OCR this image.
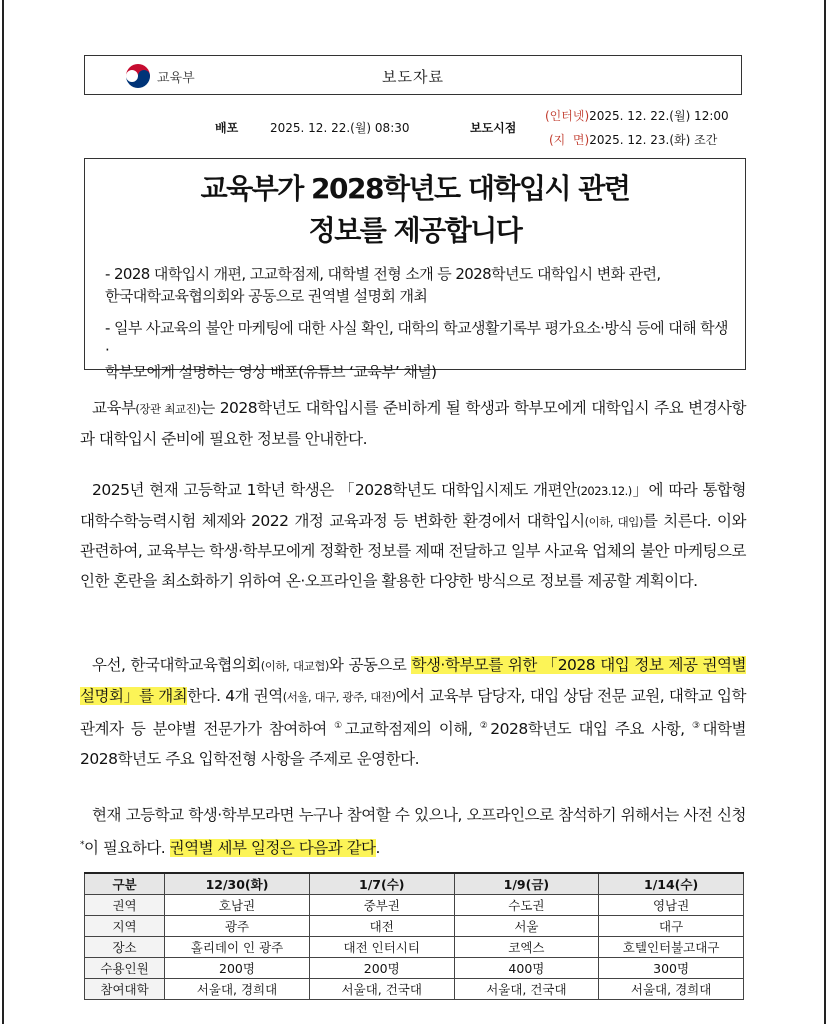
교육부	보도자료
배포	2025. 12. 22.(월) 08:30	보도시점
(인터넷)2025. 12. 22.(월) 12:00
(지  면)2025. 12. 23.(화) 조간
교육부가 2028학년도 대학입시 관련
정보를 제공합니다
- 2028 대학입시 개편, 고교학점제, 대학별 전형 소개 등 2028학년도 대학입시 변화 관련,
한국대학교육협의회와 공동으로 권역별 설명회 개최
- 일부 사교육의 불안 마케팅에 대한 사실 확인, 대학의 학교생활기록부 평가요소·방식 등에 대해 학생·
학부모에게 설명하는 영상 배포(유튜브 ‘교육부’ 채널)
교육부(장관 최교진)는 2028학년도 대학입시를 준비하게 될 학생과 학부모에게 대학입시 주요 변경사항과 대학입시 준비에 필요한 정보를 안내한다.
2025년 현재 고등학교 1학년 학생은 「2028학년도 대학입시제도 개편안(2023.12.)」에 따라 통합형 대학수학능력시험 체제와 2022 개정 교육과정 등 변화한 환경에서 대학입시(이하, 대입)를 치른다. 이와 관련하여, 교육부는 학생·학부모에게 정확한 정보를 제때 전달하고 일부 사교육 업체의 불안 마케팅으로 인한 혼란을 최소화하기 위하여 온·오프라인을 활용한 다양한 방식으로 정보를 제공할 계획이다.
우선, 한국대학교육협의회(이하, 대교협)와 공동으로 학생·학부모를 위한 「2028 대입 정보 제공 권역별 설명회」를 개최한다. 4개 권역(서울, 대구, 광주, 대전)에서 교육부 담당자, 대입 상담 전문 교원, 대학교 입학 관계자 등 분야별 전문가가 참여하여 ①고교학점제의 이해, ②2028학년도 대입 주요 사항, ③대학별 2028학년도 주요 입학전형 사항을 주제로 운영한다.
현재 고등학교 학생·학부모라면 누구나 참여할 수 있으나, 오프라인으로 참석하기 위해서는 사전 신청*이 필요하다. 권역별 세부 일정은 다음과 같다.
구분	12/30(화)	1/7(수)	1/9(금)	1/14(수)
권역	호남권	중부권	수도권	영남권
지역	광주	대전	서울	대구
장소	홀리데이 인 광주	대전 인터시티	코엑스	호텔인터불고대구
수용인원	200명	200명	400명	300명
참여대학	서울대, 경희대	서울대, 건국대	서울대, 건국대	서울대, 경희대
